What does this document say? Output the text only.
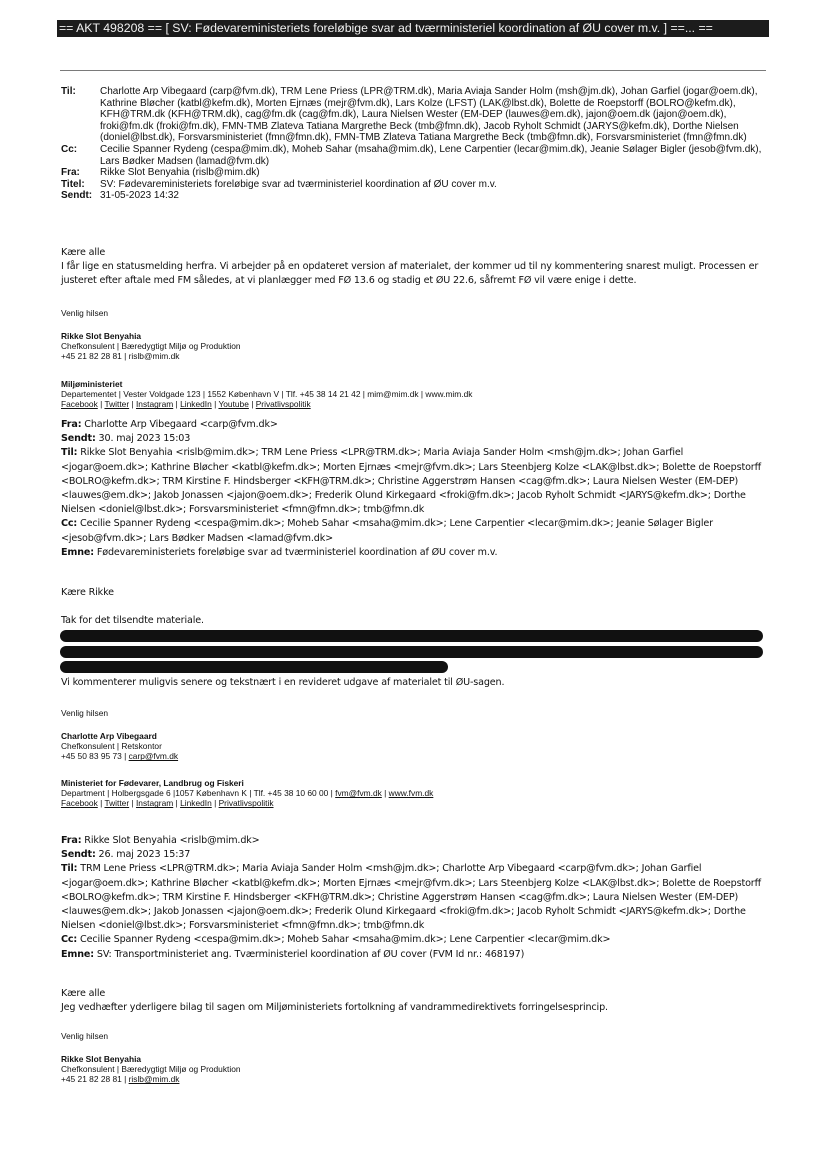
== AKT 498208 == [ SV: Fødevareministeriets foreløbige svar ad tværministeriel koordination af ØU cover m.v. ] ==... ==
Til:	Charlotte Arp Vibegaard (carp@fvm.dk), TRM Lene Priess (LPR@TRM.dk), Maria Aviaja Sander Holm (msh@jm.dk), Johan Garfiel (jogar@oem.dk), Kathrine Bløcher (katbl@kefm.dk), Morten Ejrnæs (mejr@fvm.dk), Lars Kolze (LFST) (LAK@lbst.dk), Bolette de Roepstorff (BOLRO@kefm.dk), KFH@TRM.dk (KFH@TRM.dk), cag@fm.dk (cag@fm.dk), Laura Nielsen Wester (EM-DEP (lauwes@em.dk), jajon@oem.dk (jajon@oem.dk), froki@fm.dk (froki@fm.dk), FMN-TMB Zlateva Tatiana Margrethe Beck (tmb@fmn.dk), Jacob Ryholt Schmidt (JARYS@kefm.dk), Dorthe Nielsen (doniel@lbst.dk), Forsvarsministeriet (fmn@fmn.dk), FMN-TMB Zlateva Tatiana Margrethe Beck (tmb@fmn.dk), Forsvarsministeriet (fmn@fmn.dk)
Cc:	Cecilie Spanner Rydeng (cespa@mim.dk), Moheb Sahar (msaha@mim.dk), Lene Carpentier (lecar@mim.dk), Jeanie Sølager Bigler (jesob@fvm.dk), Lars Bødker Madsen (lamad@fvm.dk)
Fra:	Rikke Slot Benyahia (rislb@mim.dk)
Titel:	SV: Fødevareministeriets foreløbige svar ad tværministeriel koordination af ØU cover m.v.
Sendt: 31-05-2023 14:32
Kære alle
I får lige en statusmelding herfra. Vi arbejder på en opdateret version af materialet, der kommer ud til ny kommentering snarest muligt. Processen er justeret efter aftale med FM således, at vi planlægger med FØ 13.6 og stadig et ØU 22.6, såfremt FØ vil være enige i dette.
Venlig hilsen
Rikke Slot Benyahia
Chefkonsulent | Bæredygtigt Miljø og Produktion
+45 21 82 28 81 | rislb@mim.dk
Miljøministeriet
Departementet | Vester Voldgade 123 | 1552 København V | Tlf. +45 38 14 21 42 | mim@mim.dk | www.mim.dk
Facebook | Twitter | Instagram | LinkedIn | Youtube | Privatlivspolitik
Fra: Charlotte Arp Vibegaard <carp@fvm.dk>
Sendt: 30. maj 2023 15:03
Til: Rikke Slot Benyahia <rislb@mim.dk>; TRM Lene Priess <LPR@TRM.dk>; Maria Aviaja Sander Holm <msh@jm.dk>; Johan Garfiel <jogar@oem.dk>; Kathrine Bløcher <katbl@kefm.dk>; Morten Ejrnæs <mejr@fvm.dk>; Lars Steenbjerg Kolze <LAK@lbst.dk>; Bolette de Roepstorff <BOLRO@kefm.dk>; TRM Kirstine F. Hindsberger <KFH@TRM.dk>; Christine Aggerstrøm Hansen <cag@fm.dk>; Laura Nielsen Wester (EM-DEP) <lauwes@em.dk>; Jakob Jonassen <jajon@oem.dk>; Frederik Olund Kirkegaard <froki@fm.dk>; Jacob Ryholt Schmidt <JARYS@kefm.dk>; Dorthe Nielsen <doniel@lbst.dk>; Forsvarsministeriet <fmn@fmn.dk>; tmb@fmn.dk
Cc: Cecilie Spanner Rydeng <cespa@mim.dk>; Moheb Sahar <msaha@mim.dk>; Lene Carpentier <lecar@mim.dk>; Jeanie Sølager Bigler <jesob@fvm.dk>; Lars Bødker Madsen <lamad@fvm.dk>
Emne: Fødevareministeriets foreløbige svar ad tværministeriel koordination af ØU cover m.v.
Kære Rikke
Tak for det tilsendte materiale.
Vi kommenterer muligvis senere og tekstnært i en revideret udgave af materialet til ØU-sagen.
Venlig hilsen
Charlotte Arp Vibegaard
Chefkonsulent | Retskontor
+45 50 83 95 73 | carp@fvm.dk
Ministeriet for Fødevarer, Landbrug og Fiskeri
Department | Holbergsgade 6 |1057 København K | Tlf. +45 38 10 60 00 | fvm@fvm.dk | www.fvm.dk
Facebook | Twitter | Instagram | LinkedIn | Privatlivspolitik
Fra: Rikke Slot Benyahia <rislb@mim.dk>
Sendt: 26. maj 2023 15:37
Til: TRM Lene Priess <LPR@TRM.dk>; Maria Aviaja Sander Holm <msh@jm.dk>; Charlotte Arp Vibegaard <carp@fvm.dk>; Johan Garfiel <jogar@oem.dk>; Kathrine Bløcher <katbl@kefm.dk>; Morten Ejrnæs <mejr@fvm.dk>; Lars Steenbjerg Kolze <LAK@lbst.dk>; Bolette de Roepstorff <BOLRO@kefm.dk>; TRM Kirstine F. Hindsberger <KFH@TRM.dk>; Christine Aggerstrøm Hansen <cag@fm.dk>; Laura Nielsen Wester (EM-DEP) <lauwes@em.dk>; Jakob Jonassen <jajon@oem.dk>; Frederik Olund Kirkegaard <froki@fm.dk>; Jacob Ryholt Schmidt <JARYS@kefm.dk>; Dorthe Nielsen <doniel@lbst.dk>; Forsvarsministeriet <fmn@fmn.dk>; tmb@fmn.dk
Cc: Cecilie Spanner Rydeng <cespa@mim.dk>; Moheb Sahar <msaha@mim.dk>; Lene Carpentier <lecar@mim.dk>
Emne: SV: Transportministeriet ang. Tværministeriel koordination af ØU cover (FVM Id nr.: 468197)
Kære alle
Jeg vedhæfter yderligere bilag til sagen om Miljøministeriets fortolkning af vandrammedirektivets forringelsesprincip.
Venlig hilsen
Rikke Slot Benyahia
Chefkonsulent | Bæredygtigt Miljø og Produktion
+45 21 82 28 81 | rislb@mim.dk
